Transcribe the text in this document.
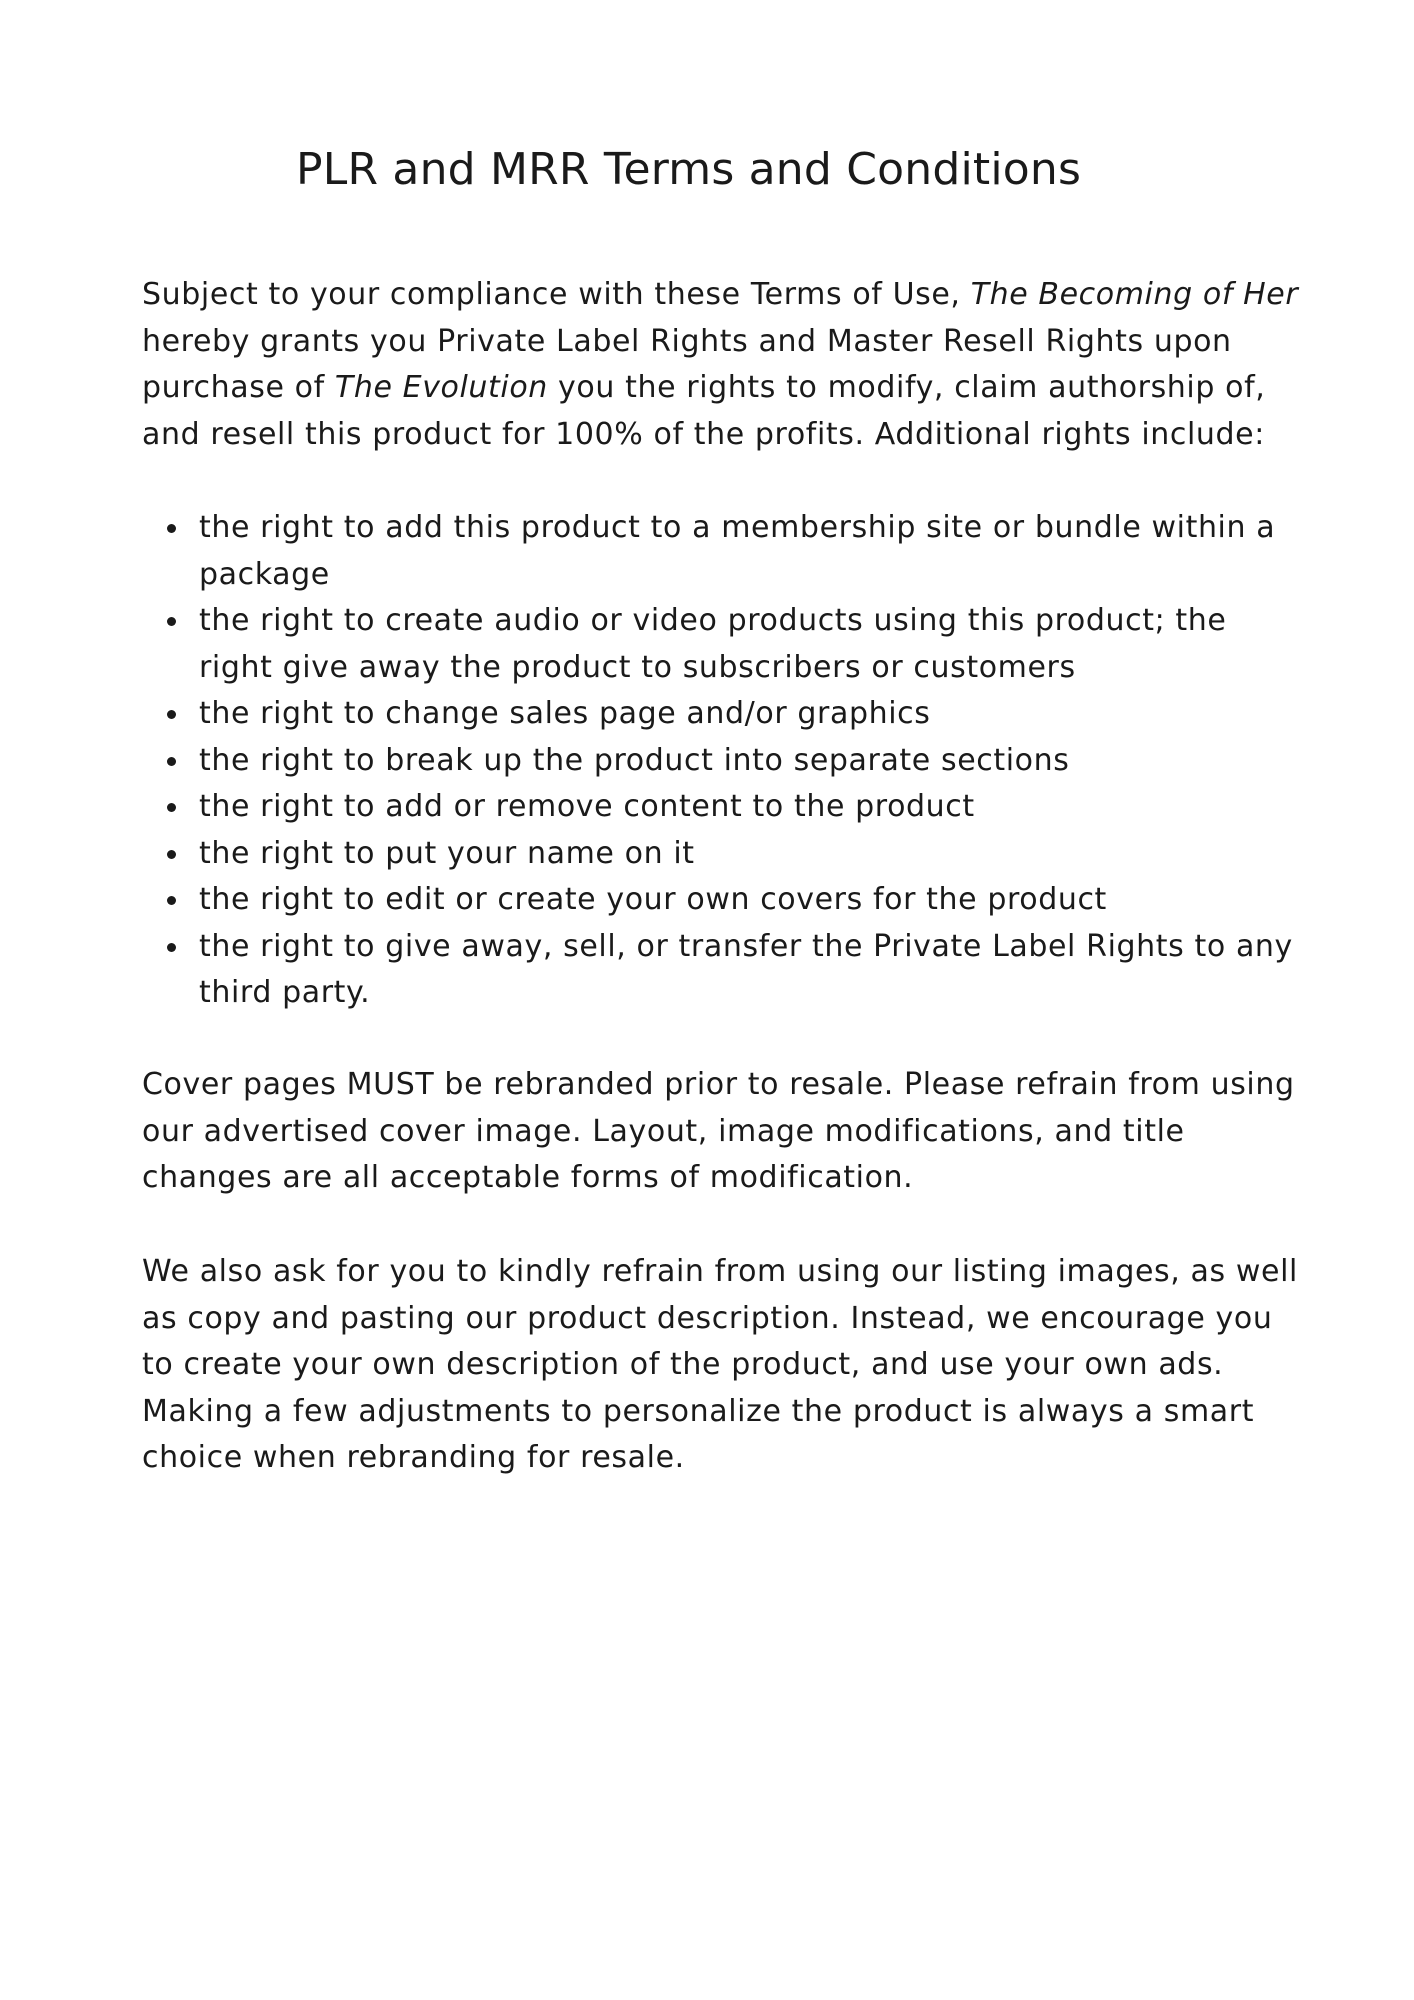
PLR and MRR Terms and Conditions

Subject to your compliance with these Terms of Use, The Becoming of Her hereby grants you Private Label Rights and Master Resell Rights upon purchase of The Evolution you the rights to modify, claim authorship of, and resell this product for 100% of the profits. Additional rights include:

the right to add this product to a membership site or bundle within a package
the right to create audio or video products using this product; the right give away the product to subscribers or customers
the right to change sales page and/or graphics
the right to break up the product into separate sections
the right to add or remove content to the product
the right to put your name on it
the right to edit or create your own covers for the product
the right to give away, sell, or transfer the Private Label Rights to any third party.

Cover pages MUST be rebranded prior to resale. Please refrain from using our advertised cover image. Layout, image modifications, and title changes are all acceptable forms of modification.

We also ask for you to kindly refrain from using our listing images, as well as copy and pasting our product description. Instead, we encourage you to create your own description of the product, and use your own ads. Making a few adjustments to personalize the product is always a smart choice when rebranding for resale.
